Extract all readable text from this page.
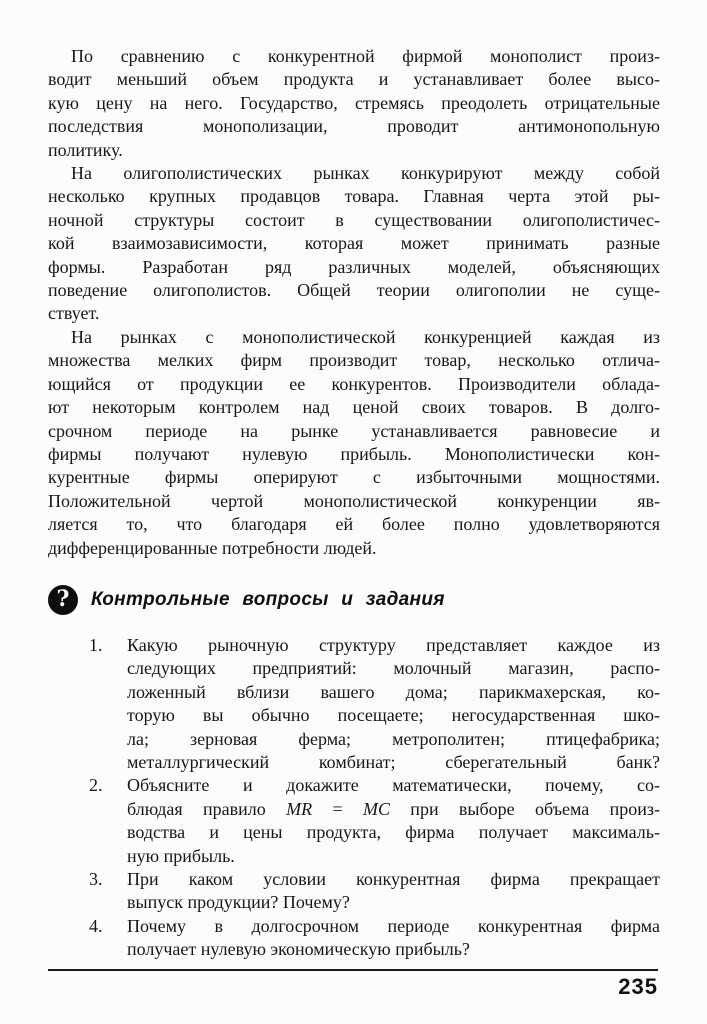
По сравнению с конкурентной фирмой монополист произ-
водит меньший объем продукта и устанавливает более высо-
кую цену на него. Государство, стремясь преодолеть отрицательные
последствия монополизации, проводит антимонопольную
политику.
На олигополистических рынках конкурируют между собой
несколько крупных продавцов товара. Главная черта этой ры-
ночной структуры состоит в существовании олигополистичес-
кой взаимозависимости, которая может принимать разные
формы. Разработан ряд различных моделей, объясняющих
поведение олигополистов. Общей теории олигополии не суще-
ствует.
На рынках с монополистической конкуренцией каждая из
множества мелких фирм производит товар, несколько отлича-
ющийся от продукции ее конкурентов. Производители облада-
ют некоторым контролем над ценой своих товаров. В долго-
срочном периоде на рынке устанавливается равновесие и
фирмы получают нулевую прибыль. Монополистически кон-
курентные фирмы оперируют с избыточными мощностями.
Положительной чертой монополистической конкуренции яв-
ляется то, что благодаря ей более полно удовлетворяются
дифференцированные потребности людей.
? Контрольные вопросы и задания
1.	Какую рыночную структуру представляет каждое из
следующих предприятий: молочный магазин, распо-
ложенный вблизи вашего дома; парикмахерская, ко-
торую вы обычно посещаете; негосударственная шко-
ла; зерновая ферма; метрополитен; птицефабрика;
металлургический комбинат; сберегательный банк?
2.	Объясните и докажите математически, почему, со-
блюдая правило MR = MC при выборе объема произ-
водства и цены продукта, фирма получает максималь-
ную прибыль.
3.	При каком условии конкурентная фирма прекращает
выпуск продукции? Почему?
4.	Почему в долгосрочном периоде конкурентная фирма
получает нулевую экономическую прибыль?
235
